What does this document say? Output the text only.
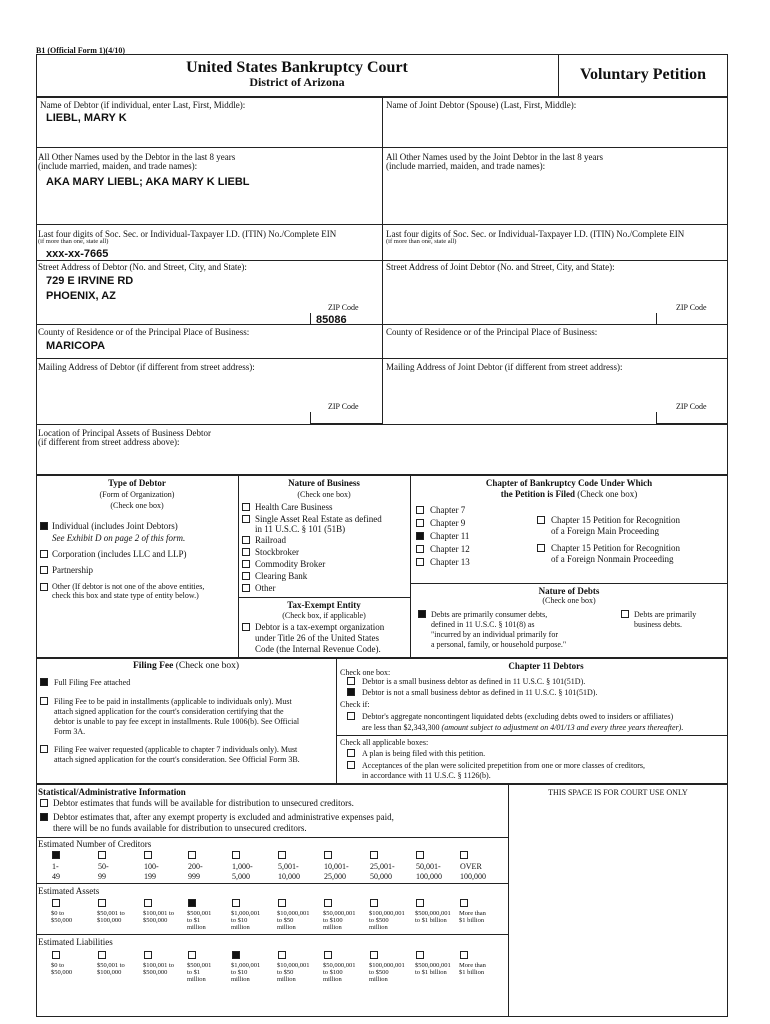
B1 (Official Form 1)(4/10)
United States Bankruptcy Court
District of Arizona	Voluntary Petition
Name of Debtor (if individual, enter Last, First, Middle):
LIEBL, MARY K
Name of Joint Debtor (Spouse) (Last, First, Middle):
All Other Names used by the Debtor in the last 8 years
(include married, maiden, and trade names):
AKA MARY LIEBL; AKA MARY K LIEBL
All Other Names used by the Joint Debtor in the last 8 years
(include married, maiden, and trade names):
Last four digits of Soc. Sec. or Individual-Taxpayer I.D. (ITIN) No./Complete EIN
(if more than one, state all)
xxx-xx-7665
Street Address of Debtor (No. and Street, City, and State):
729 E IRVINE RD
PHOENIX, AZ
ZIP Code
85086
Last four digits of Soc. Sec. or Individual-Taxpayer I.D. (ITIN) No./Complete EIN
(if more than one, state all)
Street Address of Joint Debtor (No. and Street, City, and State):
ZIP Code
County of Residence or of the Principal Place of Business:
MARICOPA
County of Residence or of the Principal Place of Business:
Mailing Address of Debtor (if different from street address):
ZIP Code
Mailing Address of Joint Debtor (if different from street address):
ZIP Code
Location of Principal Assets of Business Debtor
(if different from street address above):
Type of Debtor
(Form of Organization)
(Check one box)
Individual (includes Joint Debtors)
See Exhibit D on page 2 of this form.
Corporation (includes LLC and LLP)
Partnership
Other (If debtor is not one of the above entities,
check this box and state type of entity below.)
Nature of Business
(Check one box)
Health Care Business
Single Asset Real Estate as defined
in 11 U.S.C. § 101 (51B)
Railroad
Stockbroker
Commodity Broker
Clearing Bank
Other
Tax-Exempt Entity
(Check box, if applicable)
Debtor is a tax-exempt organization
under Title 26 of the United States
Code (the Internal Revenue Code).
Chapter of Bankruptcy Code Under Which
the Petition is Filed (Check one box)
Chapter 7
Chapter 9
Chapter 11
Chapter 12
Chapter 13
Chapter 15 Petition for Recognition
of a Foreign Main Proceeding
Chapter 15 Petition for Recognition
of a Foreign Nonmain Proceeding
Nature of Debts
(Check one box)
Debts are primarily consumer debts,
defined in 11 U.S.C. § 101(8) as
"incurred by an individual primarily for
a personal, family, or household purpose."
Debts are primarily
business debts.
Filing Fee (Check one box)
Full Filing Fee attached
Filing Fee to be paid in installments (applicable to individuals only). Must
attach signed application for the court's consideration certifying that the
debtor is unable to pay fee except in installments. Rule 1006(b). See Official
Form 3A.
Filing Fee waiver requested (applicable to chapter 7 individuals only). Must
attach signed application for the court's consideration. See Official Form 3B.
Check one box:
Chapter 11 Debtors
Debtor is a small business debtor as defined in 11 U.S.C. § 101(51D).
Debtor is not a small business debtor as defined in 11 U.S.C. § 101(51D).
Check if:
Debtor's aggregate noncontingent liquidated debts (excluding debts owed to insiders or affiliates)
are less than $2,343,300 (amount subject to adjustment on 4/01/13 and every three years thereafter).
Check all applicable boxes:
A plan is being filed with this petition.
Acceptances of the plan were solicited prepetition from one or more classes of creditors,
in accordance with 11 U.S.C. § 1126(b).
Statistical/Administrative Information	THIS SPACE IS FOR COURT USE ONLY
Debtor estimates that funds will be available for distribution to unsecured creditors.
Debtor estimates that, after any exempt property is excluded and administrative expenses paid,
there will be no funds available for distribution to unsecured creditors.
Estimated Number of Creditors
1-
49
50-
99
100-
199
200-
999
1,000-
5,000
5,001-
10,000
10,001-
25,000
25,001-
50,000
50,001-
100,000
OVER
100,000
Estimated Assets
$0 to
$50,000
$50,001 to
$100,000
$100,001 to
$500,000
$500,001
to $1
million
$1,000,001
to $10
million
$10,000,001
to $50
million
$50,000,001
to $100
million
$100,000,001
to $500
million
$500,000,001
to $1 billion
More than
$1 billion
Estimated Liabilities
$0 to
$50,000
$50,001 to
$100,000
$100,001 to
$500,000
$500,001
to $1
million
$1,000,001
to $10
million
$10,000,001
to $50
million
$50,000,001
to $100
million
$100,000,001
to $500
million
$500,000,001
to $1 billion
More than
$1 billion
